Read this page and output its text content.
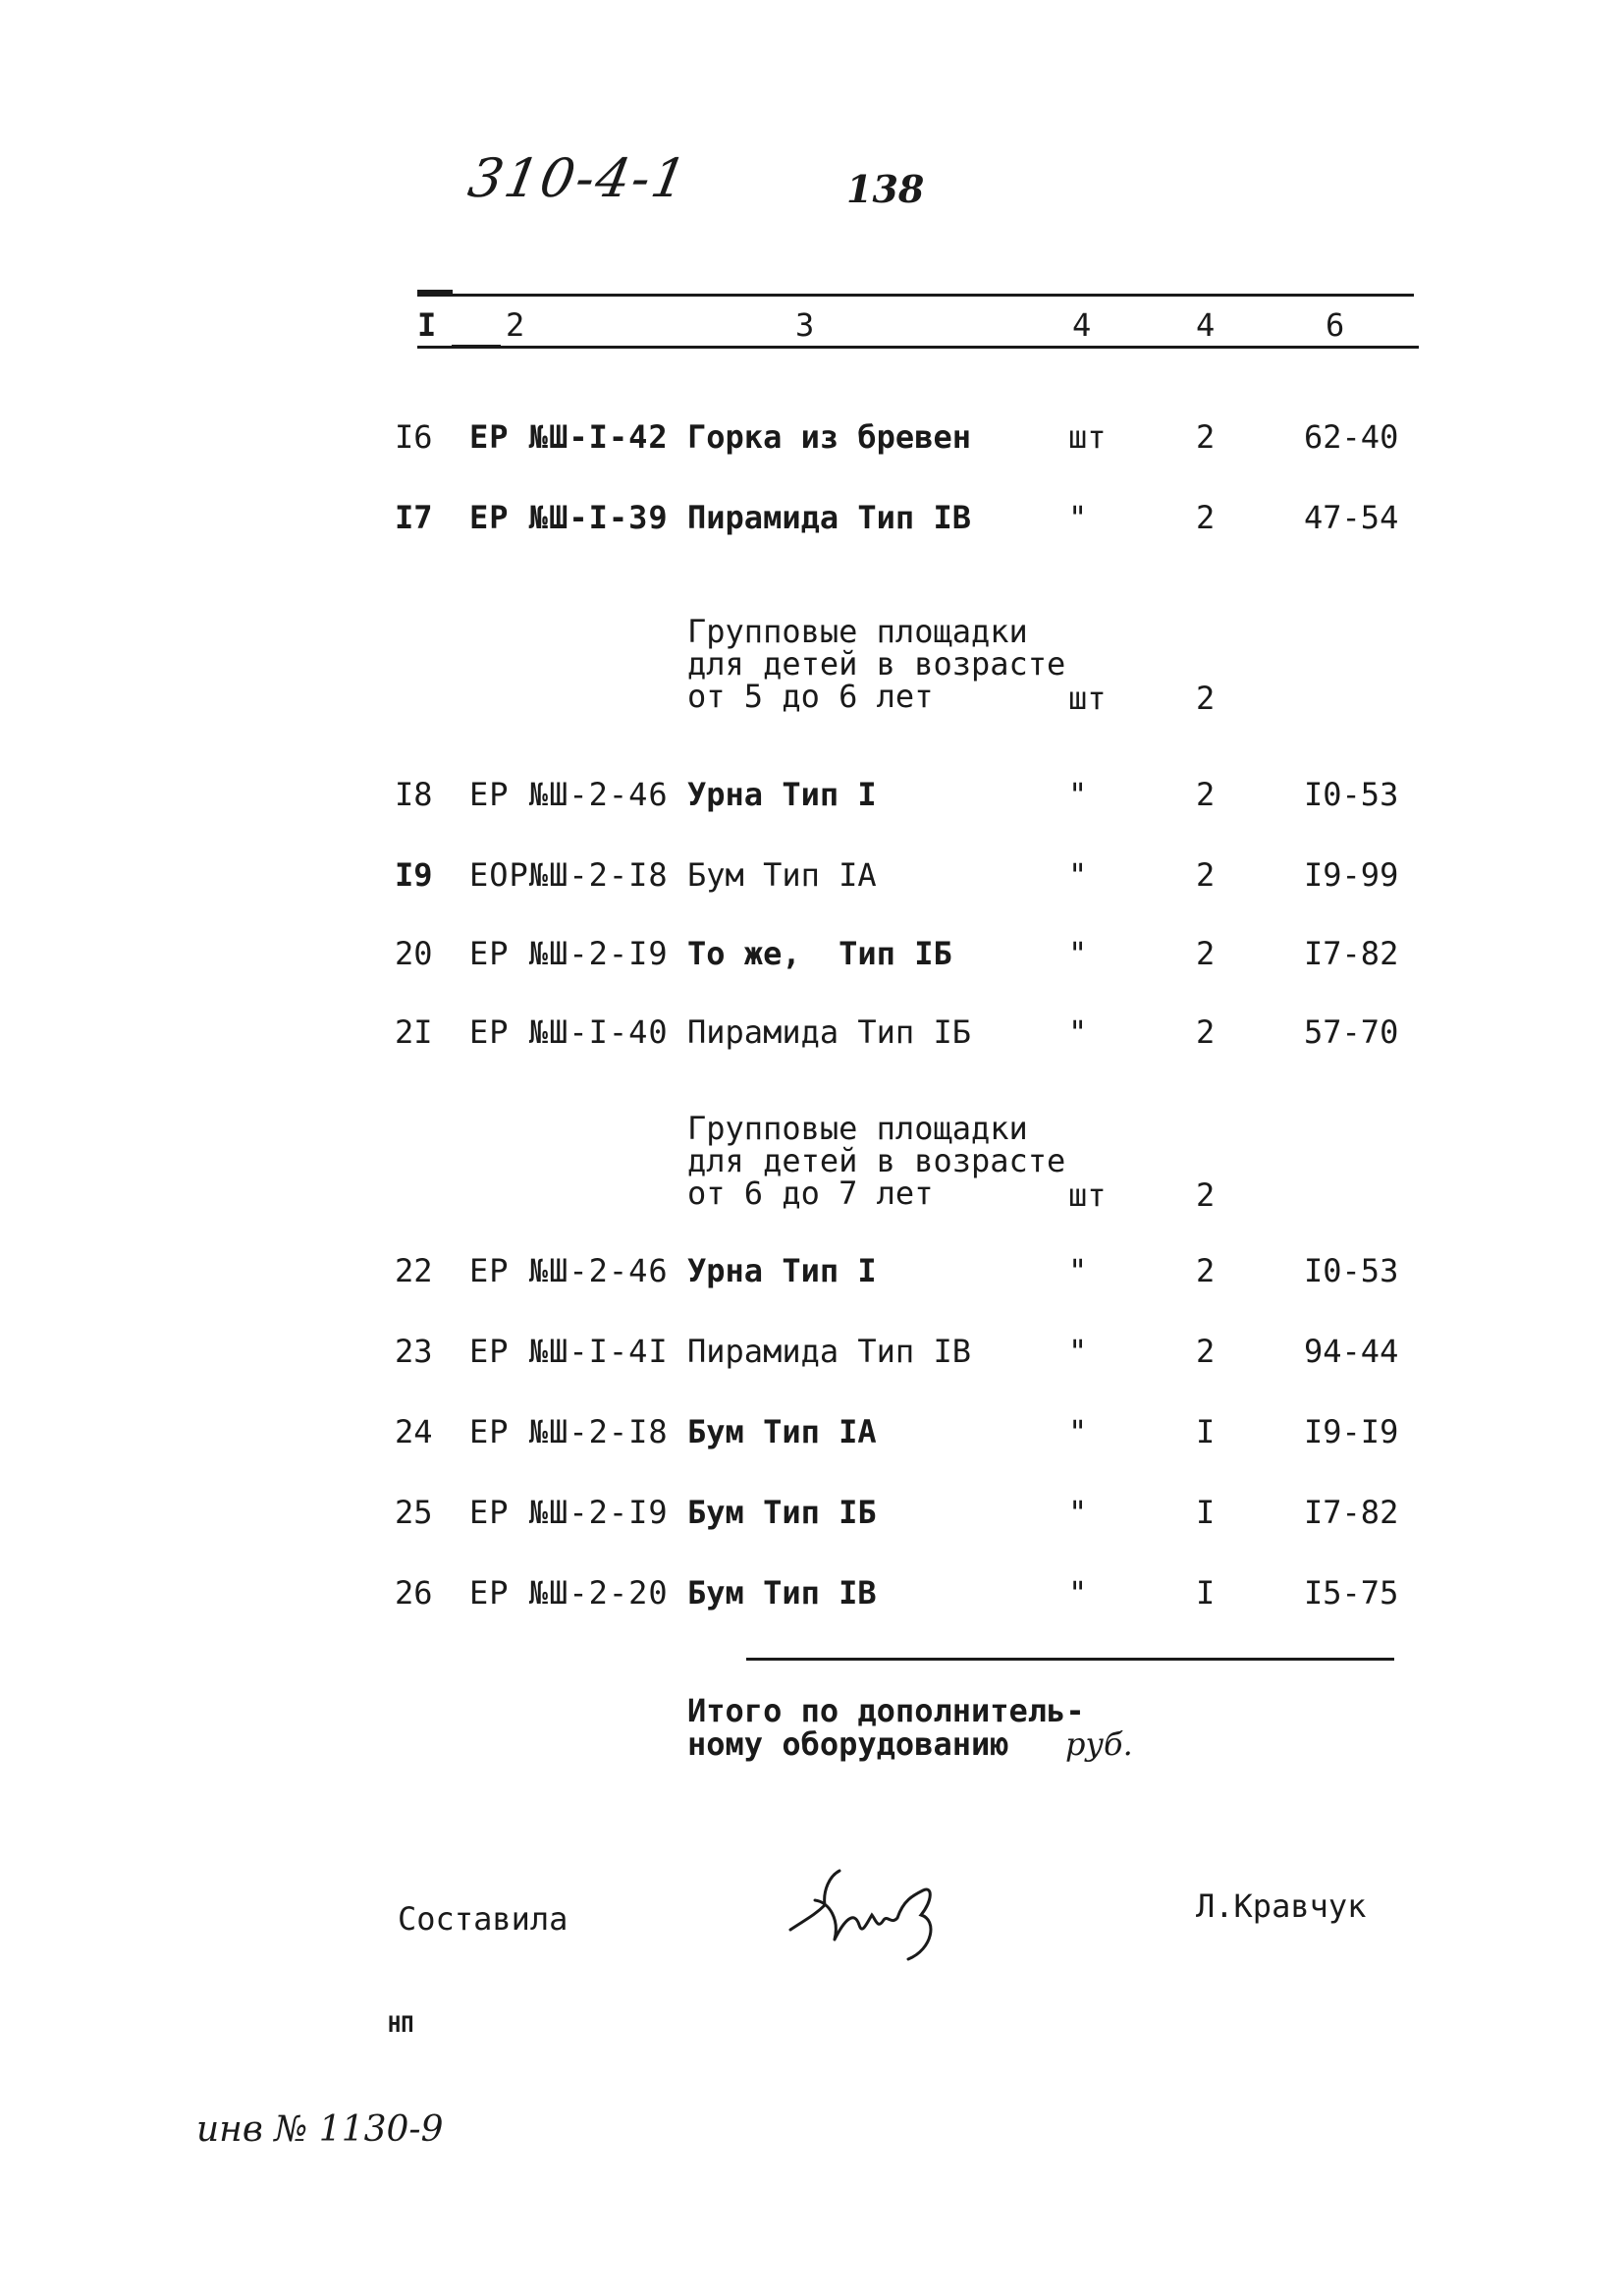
310-4-1	138
I 2	3	4	4	6
I6 ЕР №Ш-I-42 Горка из бревен	шт	2	62-40
I7 ЕР №Ш-I-39 Пирамида Тип IВ	"	2	47-54
Групповые площадки
для детей в возрасте
от 5 до 6 лет	шт	2
I8 ЕР №Ш-2-46 Урна Тип I	"	2	I0-53
I9 ЕОР№Ш-2-I8 Бум Тип IА	"	2	I9-99
20 ЕР №Ш-2-I9 То же,  Тип IБ	"	2	I7-82
2I ЕР №Ш-I-40 Пирамида Тип IБ	"	2	57-70
Групповые площадки
для детей в возрасте
от 6 до 7 лет	шт	2
22 ЕР №Ш-2-46 Урна Тип I	"	2	I0-53
23 ЕР №Ш-I-4I Пирамида Тип IВ	"	2	94-44
24 ЕР №Ш-2-I8 Бум Тип IА	"	I	I9-I9
25 ЕР №Ш-2-I9 Бум Тип IБ	"	I	I7-82
26 ЕР №Ш-2-20 Бум Тип IВ	"	I	I5-75
Итого по дополнитель-
ному оборудованию	руб.
Составила	Л.Кравчук
НП
инв № 1130-9
